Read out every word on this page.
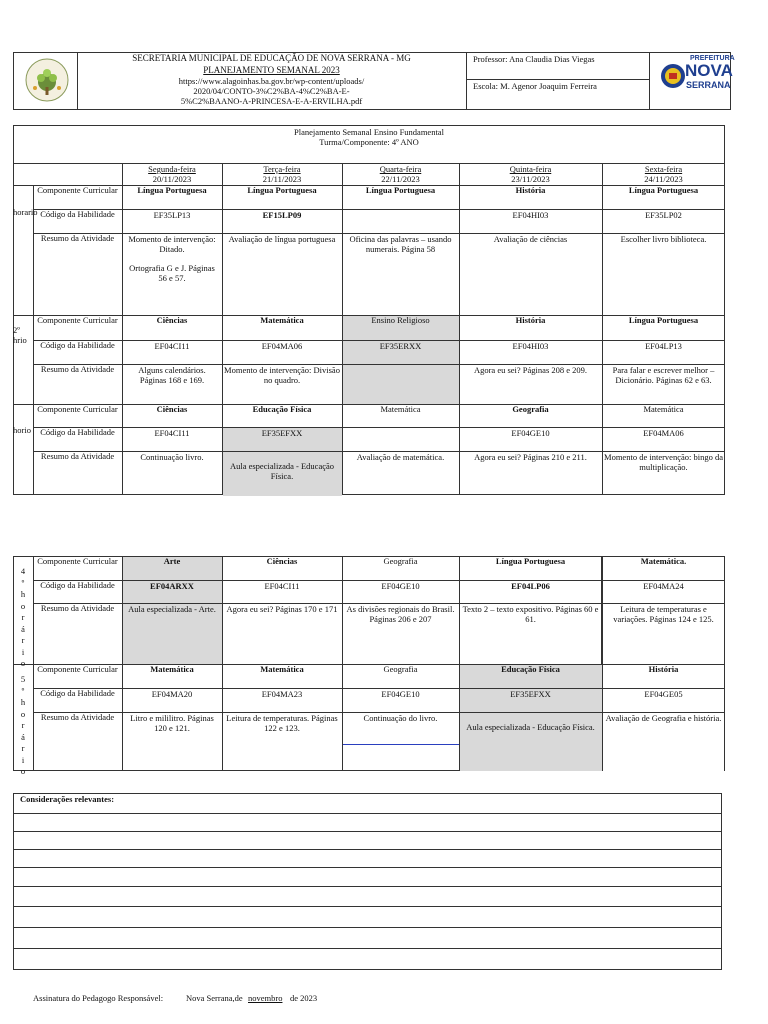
SECRETARIA MUNICIPAL DE EDUCAÇÃO DE NOVA SERRANA - MG
PLANEJAMENTO SEMANAL 2023
https://www.alagoinhas.ba.gov.br/wp-content/uploads/
2020/04/CONTO-3%C2%BA-4%C2%BA-E-
5%C2%BAANO-A-PRINCESA-E-A-ERVILHA.pdf
Professor: Ana Claudia Dias Viegas
Escola: M. Agenor Joaquim Ferreira
PREFEITURA
NOVA
SERRANA
Planejamento Semanal Ensino Fundamental
Turma/Componente: 4º ANO
Segunda-feira
20/11/2023
Terça-feira
21/11/2023
Quarta-feira
22/11/2023
Quinta-feira
23/11/2023
Sexta-feira
24/11/2023
Componente Curricular
Código da Habilidade
Resumo da Atividade
Língua Portuguesa
EF35LP13
Momento de intervenção: Ditado.

Ortografia G e J. Páginas 56 e 57.
Língua Portuguesa
EF15LP09
Avaliação de língua portuguesa
Língua Portuguesa
Oficina das palavras – usando numerais. Página 58
História
EF04HI03
Avaliação de ciências
Língua Portuguesa
EF35LP02
Escolher livro biblioteca.
horario
Componente Curricular
Código da Habilidade
Resumo da Atividade
Ciências
EF04CI11
Alguns calendários. Páginas 168 e 169.
Matemática
EF04MA06
Momento de intervenção: Divisão no quadro.
Ensino Religioso
EF35ERXX
História
EF04HI03
Agora eu sei? Páginas 208 e 209.
Língua Portuguesa
EF04LP13
Para falar e escrever melhor – Dicionário. Páginas 62 e 63.
2º hrio
Componente Curricular
Código da Habilidade
Resumo da Atividade
Ciências
EF04CI11
Continuação livro.
Educação Física
EF35EFXX
Aula especializada - Educação Física.
Matemática
Avaliação de matemática.
Geografia
EF04GE10
Agora eu sei? Páginas 210 e 211.
Matemática
EF04MA06
Momento de intervenção: bingo da multiplicação.
horio
Componente Curricular
Código da Habilidade
Resumo da Atividade
Arte
EF04ARXX
Aula especializada - Arte.
Ciências
EF04CI11
Agora eu sei? Páginas 170 e 171
Geografia
EF04GE10
As divisões regionais do Brasil. Páginas 206 e 207
Língua Portuguesa
EF04LP06
Texto 2 – texto expositivo. Páginas 60 e 61.
Matemática.
EF04MA24
Leitura de temperaturas e variações. Páginas 124 e 125.
Componente Curricular
Código da Habilidade
Resumo da Atividade
Matemática
EF04MA20
Litro e mililitro. Páginas 120 e 121.
Matemática
EF04MA23
Leitura de temperaturas. Páginas 122 e 123.
Geografia
EF04GE10
Continuação do livro.
Educação Física
EF35EFXX
Aula especializada - Educação Física.
História
EF04GE05
Avaliação de Geografia e história.
4 º h o r á r i o
5 º h o r á r i o
Considerações relevantes:
Assinatura do Pedagogo Responsável:	Nova Serrana,de novembro de 2023
